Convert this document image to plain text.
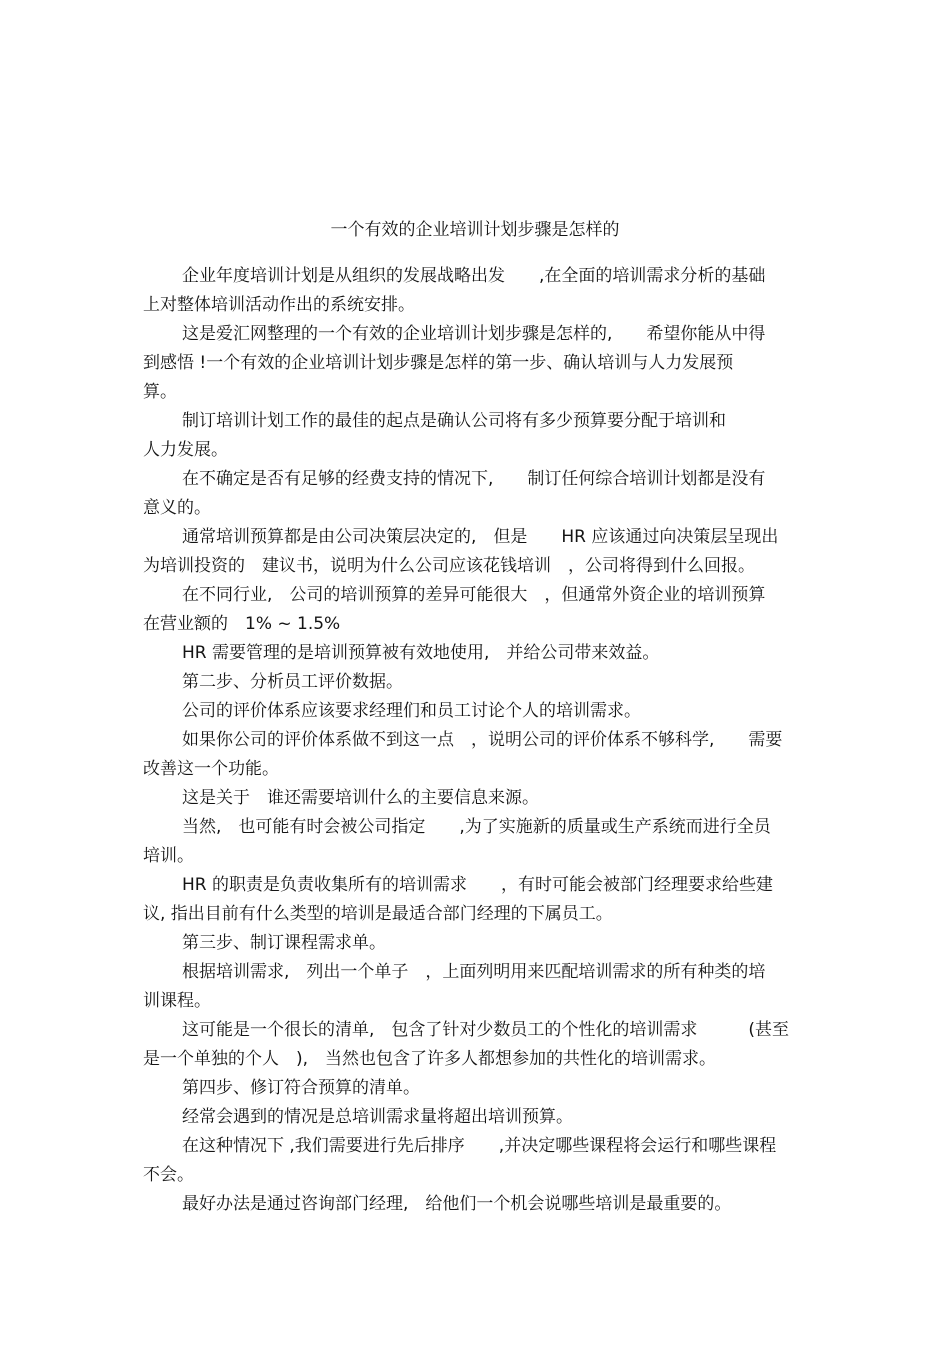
一个有效的企业培训计划步骤是怎样的

企业年度培训计划是从组织的发展战略出发　　,在全面的培训需求分析的基础
上对整体培训活动作出的系统安排。

这是爱汇网整理的一个有效的企业培训计划步骤是怎样的,　　希望你能从中得
到感悟 !一个有效的企业培训计划步骤是怎样的第一步、确认培训与人力发展预
算。

制订培训计划工作的最佳的起点是确认公司将有多少预算要分配于培训和
人力发展。

在不确定是否有足够的经费支持的情况下,　　制订任何综合培训计划都是没有
意义的。

通常培训预算都是由公司决策层决定的,　但是　　HR 应该通过向决策层呈现出
为培训投资的　建议书，说明为什么公司应该花钱培训　，公司将得到什么回报。

在不同行业,　公司的培训预算的差异可能很大　，但通常外资企业的培训预算
在营业额的　1% ~ 1.5%

HR 需要管理的是培训预算被有效地使用,　并给公司带来效益。

第二步、分析员工评价数据。

公司的评价体系应该要求经理们和员工讨论个人的培训需求。

如果你公司的评价体系做不到这一点　，说明公司的评价体系不够科学,　　需要
改善这一个功能。

这是关于　谁还需要培训什么的主要信息来源。

当然,　也可能有时会被公司指定　　,为了实施新的质量或生产系统而进行全员
培训。

HR 的职责是负责收集所有的培训需求　　，有时可能会被部门经理要求给些建
议, 指出目前有什么类型的培训是最适合部门经理的下属员工。

第三步、制订课程需求单。

根据培训需求,　列出一个单子　，上面列明用来匹配培训需求的所有种类的培
训课程。

这可能是一个很长的清单,　包含了针对少数员工的个性化的培训需求　　　(甚至
是一个单独的个人　),　当然也包含了许多人都想参加的共性化的培训需求。

第四步、修订符合预算的清单。

经常会遇到的情况是总培训需求量将超出培训预算。

在这种情况下 ,我们需要进行先后排序　　,并决定哪些课程将会运行和哪些课程
不会。

最好办法是通过咨询部门经理,　给他们一个机会说哪些培训是最重要的。
